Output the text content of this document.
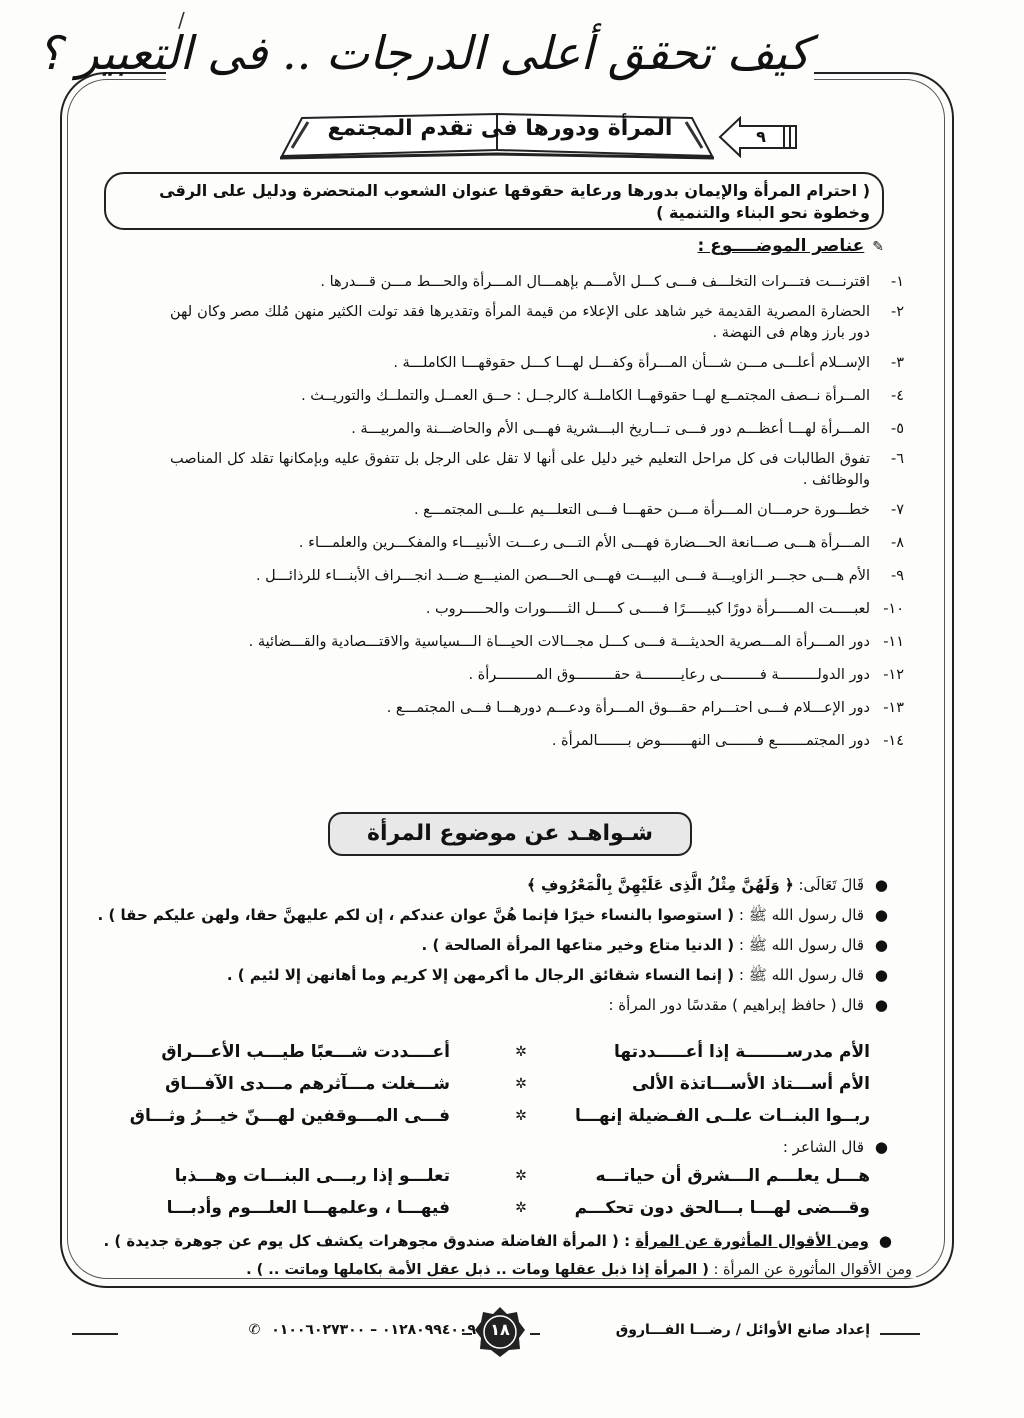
/
كيف تحقق أعلى الدرجات .. فى التعبير ؟
المرأة ودورها فى تقدم المجتمع	٩
( احترام المرأة والإيمان بدورها ورعاية حقوقها عنوان الشعوب المتحضرة ودليل على الرقى وخطوة نحو البناء والتنمية )
✎عناصر الموضــــوع :
١-
اقترنـــت فتـــرات التخلـــف فـــى كـــل الأمـــم بإهمـــال المـــرأة والحـــط مـــن قـــدرها .
٢-
الحضارة المصرية القديمة خير شاهد على الإعلاء من قيمة المرأة وتقديرها فقد تولت الكثير منهن مُلك مصر وكان لهن دور بارز وهام فى النهضة .
٣-
الإســلام أعلـــى مـــن شـــأن المـــرأة وكفـــل لهـــا كـــل حقوقهـــا الكاملـــة .
٤-
المــرأة نــصف المجتمــع لهــا حقوقهــا الكاملــة كالرجــل : حــق العمــل والتملــك والتوريــث .
٥-
المـــرأة لهـــا أعظـــم دور فـــى تـــاريخ البـــشرية فهـــى الأم والحاضـــنة والمربيـــة .
٦-
تفوق الطالبات فى كل مراحل التعليم خير دليل على أنها لا تقل على الرجل بل تتفوق عليه وبإمكانها تقلد كل المناصب والوظائف .
٧-
خطـــورة حرمـــان المـــرأة مـــن حقهـــا فـــى التعلـــيم علـــى المجتمـــع .
٨-
المـــرأة هـــى صـــانعة الحـــضارة فهـــى الأم التـــى رعـــت الأنبيـــاء والمفكـــرين والعلمـــاء .
٩-
الأم هـــى حجـــر الزاويـــة فـــى البيـــت فهـــى الحـــصن المنيـــع ضـــد انجـــراف الأبنـــاء للرذائـــل .
١٠-
لعبـــــت المـــــرأة دورًا كبيـــــرًا فـــــى كـــــل الثـــــورات والحـــــروب .
١١-
دور المـــرأة المـــصرية الحديثـــة فـــى كـــل مجـــالات الحيـــاة الـــسياسية والاقتـــصادية والقـــضائية .
١٢-
دور الدولـــــــــة فـــــــــى رعايـــــــــة حقـــــــــوق المـــــــــرأة .
١٣-
دور الإعـــلام فـــى احتـــرام حقـــوق المـــرأة ودعـــم دورهـــا فـــى المجتمـــع .
١٤-
دور المجتمـــــــع فـــــــى النهـــــــوض بـــــــالمرأة .
شـواهـد عن موضوع المرأة
●
قَالَ تَعَالَى: ﴿ وَلَهُنَّ مِثْلُ الَّذِى عَلَيْهِنَّ بِالْمَعْرُوفِ ﴾
●
قال رسول الله ﷺ : ( استوصوا بالنساء خيرًا فإنما هُنَّ عوان عندكم ، إن لكم عليهنَّ حقا، ولهن عليكم حقا ) .
●
قال رسول الله ﷺ : ( الدنيا متاع وخير متاعها المرأة الصالحة ) .
●
قال رسول الله ﷺ : ( إنما النساء شقائق الرجال ما أكرمهن إلا كريم وما أهانهن إلا لئيم ) .
●
قال ( حافظ إبراهيم ) مقدسًا دور المرأة :
الأم مدرســـــــة إذا أعـــــددتها
✲
أعــــددت شـــعبًا طيـــب الأعـــراق
الأم أســـتاذ الأســـاتذة الألى
✲
شـــغلت مـــآثرهم مـــدى الآفـــاق
ربــوا البنــات علــى الفـضيلة إنهـــا
✲
فـــى المـــوقفين لهـــنّ خيـــرُ وثـــاق
●
قال الشاعر :
هـــل يعلـــم الـــشرق أن حياتـــه
✲
تعلـــو إذا ربـــى البنـــات وهـــذبا
وقـــضى لهـــا بـــالحق دون تحكـــم
✲
فيهـــا ، وعلمهـــا العلـــوم وأدبـــا
●ومن الأقوال المأثورة عن المرأة : ( المرأة الفاضلة صندوق مجوهرات يكشف كل يوم عن جوهرة جديدة ) .
ومن الأقوال المأثورة عن المرأة : ( المرأة إذا ذبل عقلها ومات .. ذبل عقل الأمة بكاملها وماتت .. ) .
إعداد صانع الأوائل / رضـــا الفـــاروق
١٨
٠١٢٨٠٩٩٤٠٠٩ – ٠١٠٠٦٠٢٧٣٠٠ ✆
